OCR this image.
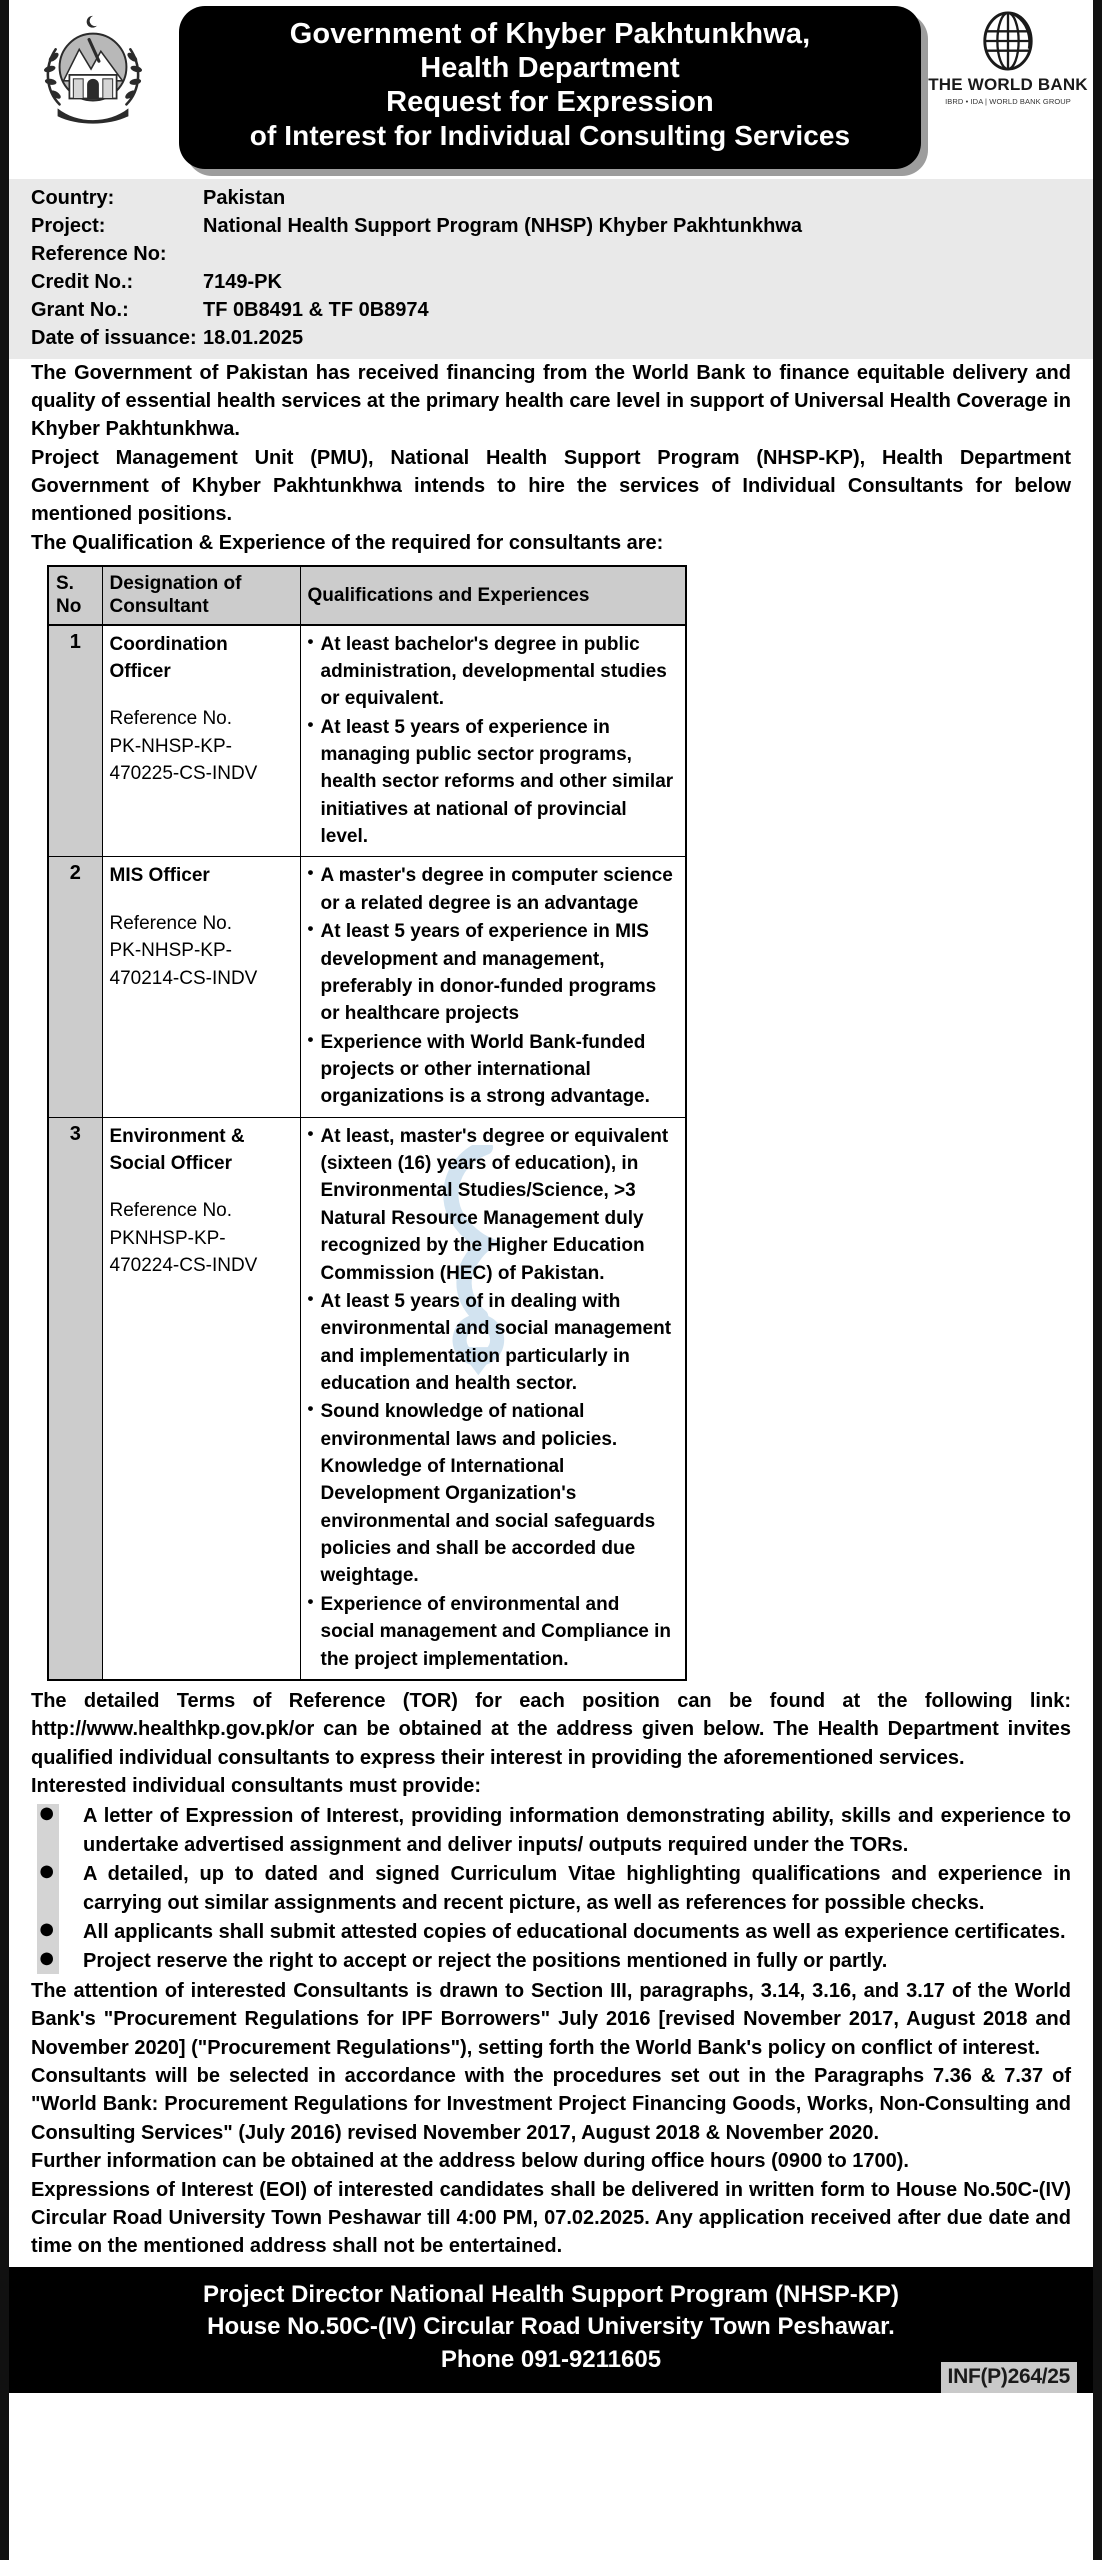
Government of Khyber Pakhtunkhwa,
Health Department
Request for Expression
of Interest for Individual Consulting Services
THE WORLD BANK
IBRD • IDA | WORLD BANK GROUP
Country:	Pakistan
Project:	National Health Support Program (NHSP) Khyber Pakhtunkhwa
Reference No:
Credit No.:	7149-PK
Grant No.:	TF 0B8491 & TF 0B8974
Date of issuance: 18.01.2025

The Government of Pakistan has received financing from the World Bank to finance equitable delivery and quality of essential health services at the primary health care level in support of Universal Health Coverage in Khyber Pakhtunkhwa.

Project Management Unit (PMU), National Health Support Program (NHSP-KP), Health Department Government of Khyber Pakhtunkhwa intends to hire the services of Individual Consultants for below mentioned positions.

The Qualification & Experience of the required for consultants are:

S. No	Designation of Consultant	Qualifications and Experiences
1	Coordination Officer
Reference No.
PK-NHSP-KP-470225-CS-INDV

• At least bachelor's degree in public administration, developmental studies or equivalent.
• At least 5 years of experience in managing public sector programs, health sector reforms and other similar initiatives at national of provincial level.

2	MIS Officer
Reference No.
PK-NHSP-KP-470214-CS-INDV

• A master's degree in computer science or a related degree is an advantage
• At least 5 years of experience in MIS development and management, preferably in donor-funded programs or healthcare projects
• Experience with World Bank-funded projects or other international organizations is a strong advantage.

3	Environment & Social Officer
Reference No.
PKNHSP-KP-470224-CS-INDV

• At least, master's degree or equivalent (sixteen (16) years of education), in Environmental Studies/Science, >3 Natural Resource Management duly recognized by the Higher Education Commission (HEC) of Pakistan.
• At least 5 years of in dealing with environmental and social management and implementation particularly in education and health sector.
• Sound knowledge of national environmental laws and policies. Knowledge of International Development Organization's environmental and social safeguards policies and shall be accorded due weightage.
• Experience of environmental and social management and Compliance in the project implementation.

The detailed Terms of Reference (TOR) for each position can be found at the following link: http://www.healthkp.gov.pk/or can be obtained at the address given below. The Health Department invites qualified individual consultants to express their interest in providing the aforementioned services.

Interested individual consultants must provide:

⬤ A letter of Expression of Interest, providing information demonstrating ability, skills and experience to undertake advertised assignment and deliver inputs/ outputs required under the TORs.
⬤ A detailed, up to dated and signed Curriculum Vitae highlighting qualifications and experience in carrying out similar assignments and recent picture, as well as references for possible checks.
⬤ All applicants shall submit attested copies of educational documents as well as experience certificates.
⬤ Project reserve the right to accept or reject the positions mentioned in fully or partly.

The attention of interested Consultants is drawn to Section III, paragraphs, 3.14, 3.16, and 3.17 of the World Bank's "Procurement Regulations for IPF Borrowers" July 2016 [revised November 2017, August 2018 and November 2020] ("Procurement Regulations"), setting forth the World Bank's policy on conflict of interest.

Consultants will be selected in accordance with the procedures set out in the Paragraphs 7.36 & 7.37 of "World Bank: Procurement Regulations for Investment Project Financing Goods, Works, Non-Consulting and Consulting Services" (July 2016) revised November 2017, August 2018 & November 2020.

Further information can be obtained at the address below during office hours (0900 to 1700).

Expressions of Interest (EOI) of interested candidates shall be delivered in written form to House No.50C-(IV) Circular Road University Town Peshawar till 4:00 PM, 07.02.2025. Any application received after due date and time on the mentioned address shall not be entertained.

INF(P)264/25
Project Director National Health Support Program (NHSP-KP)
House No.50C-(IV) Circular Road University Town Peshawar.
Phone 091-9211605
